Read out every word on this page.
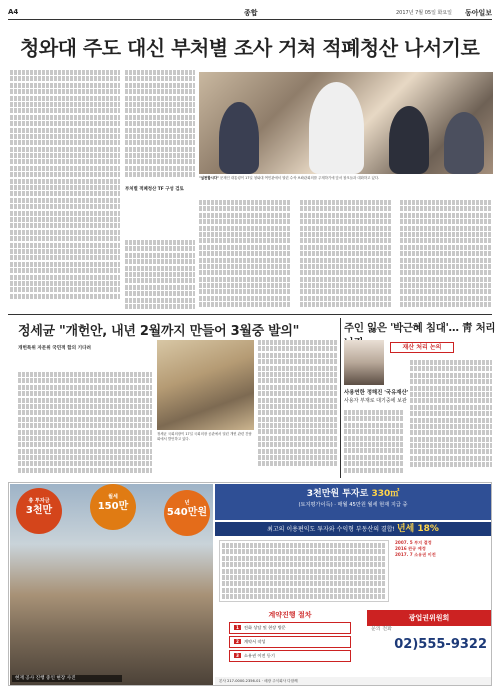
A4	종합	2017년 7월 05일 화요일 동아일보
청와대 주도 대신 부처별 조사 거쳐 적폐청산 나서기로
부처별 적폐청산 TF 구성 검토
"실천합시다" 문재인 대통령이 17일 청와대 여민관에서 열린 수석·보좌관회의를 주재하기에 앞서 참모들과 대화하고 있다.
정세균 "개헌안, 내년 2월까지 만들어 3월중 발의"
개헌특위 자문위 국민적 합의 기다려
정세균 국회의장이 17일 국회의장 공관에서 열린 개헌 관련 간담회에서 발언하고 있다.
주인 잃은 '박근혜 침대'… 靑 처리
재산 처리 논의
사용연한 정해진 '국유재산'
사용자 부재로 대기중에 보관
총 투자금
3천만
월세
150만	년
540만원
현재 공사 진행 중인 현장 사진
3천만원 투자로 330㎡
(토지평가이득) · 매월 45만원 월세 현재 지급 중
최고의 이용편익도 투자와 수익형 부동산의 결합! 년세 18%
2007. 5 부지 결정
2016 완공 예정
2017. 7 소유권 이전
계약진행 절차
1 전화 상담 및 현장 방문
2 계약서 작성
3 소유권 이전 등기
광업권위원회
문의 전화
02)555-9322
본사 217-0000-2356-01 · 매장 주식회사 다함께
